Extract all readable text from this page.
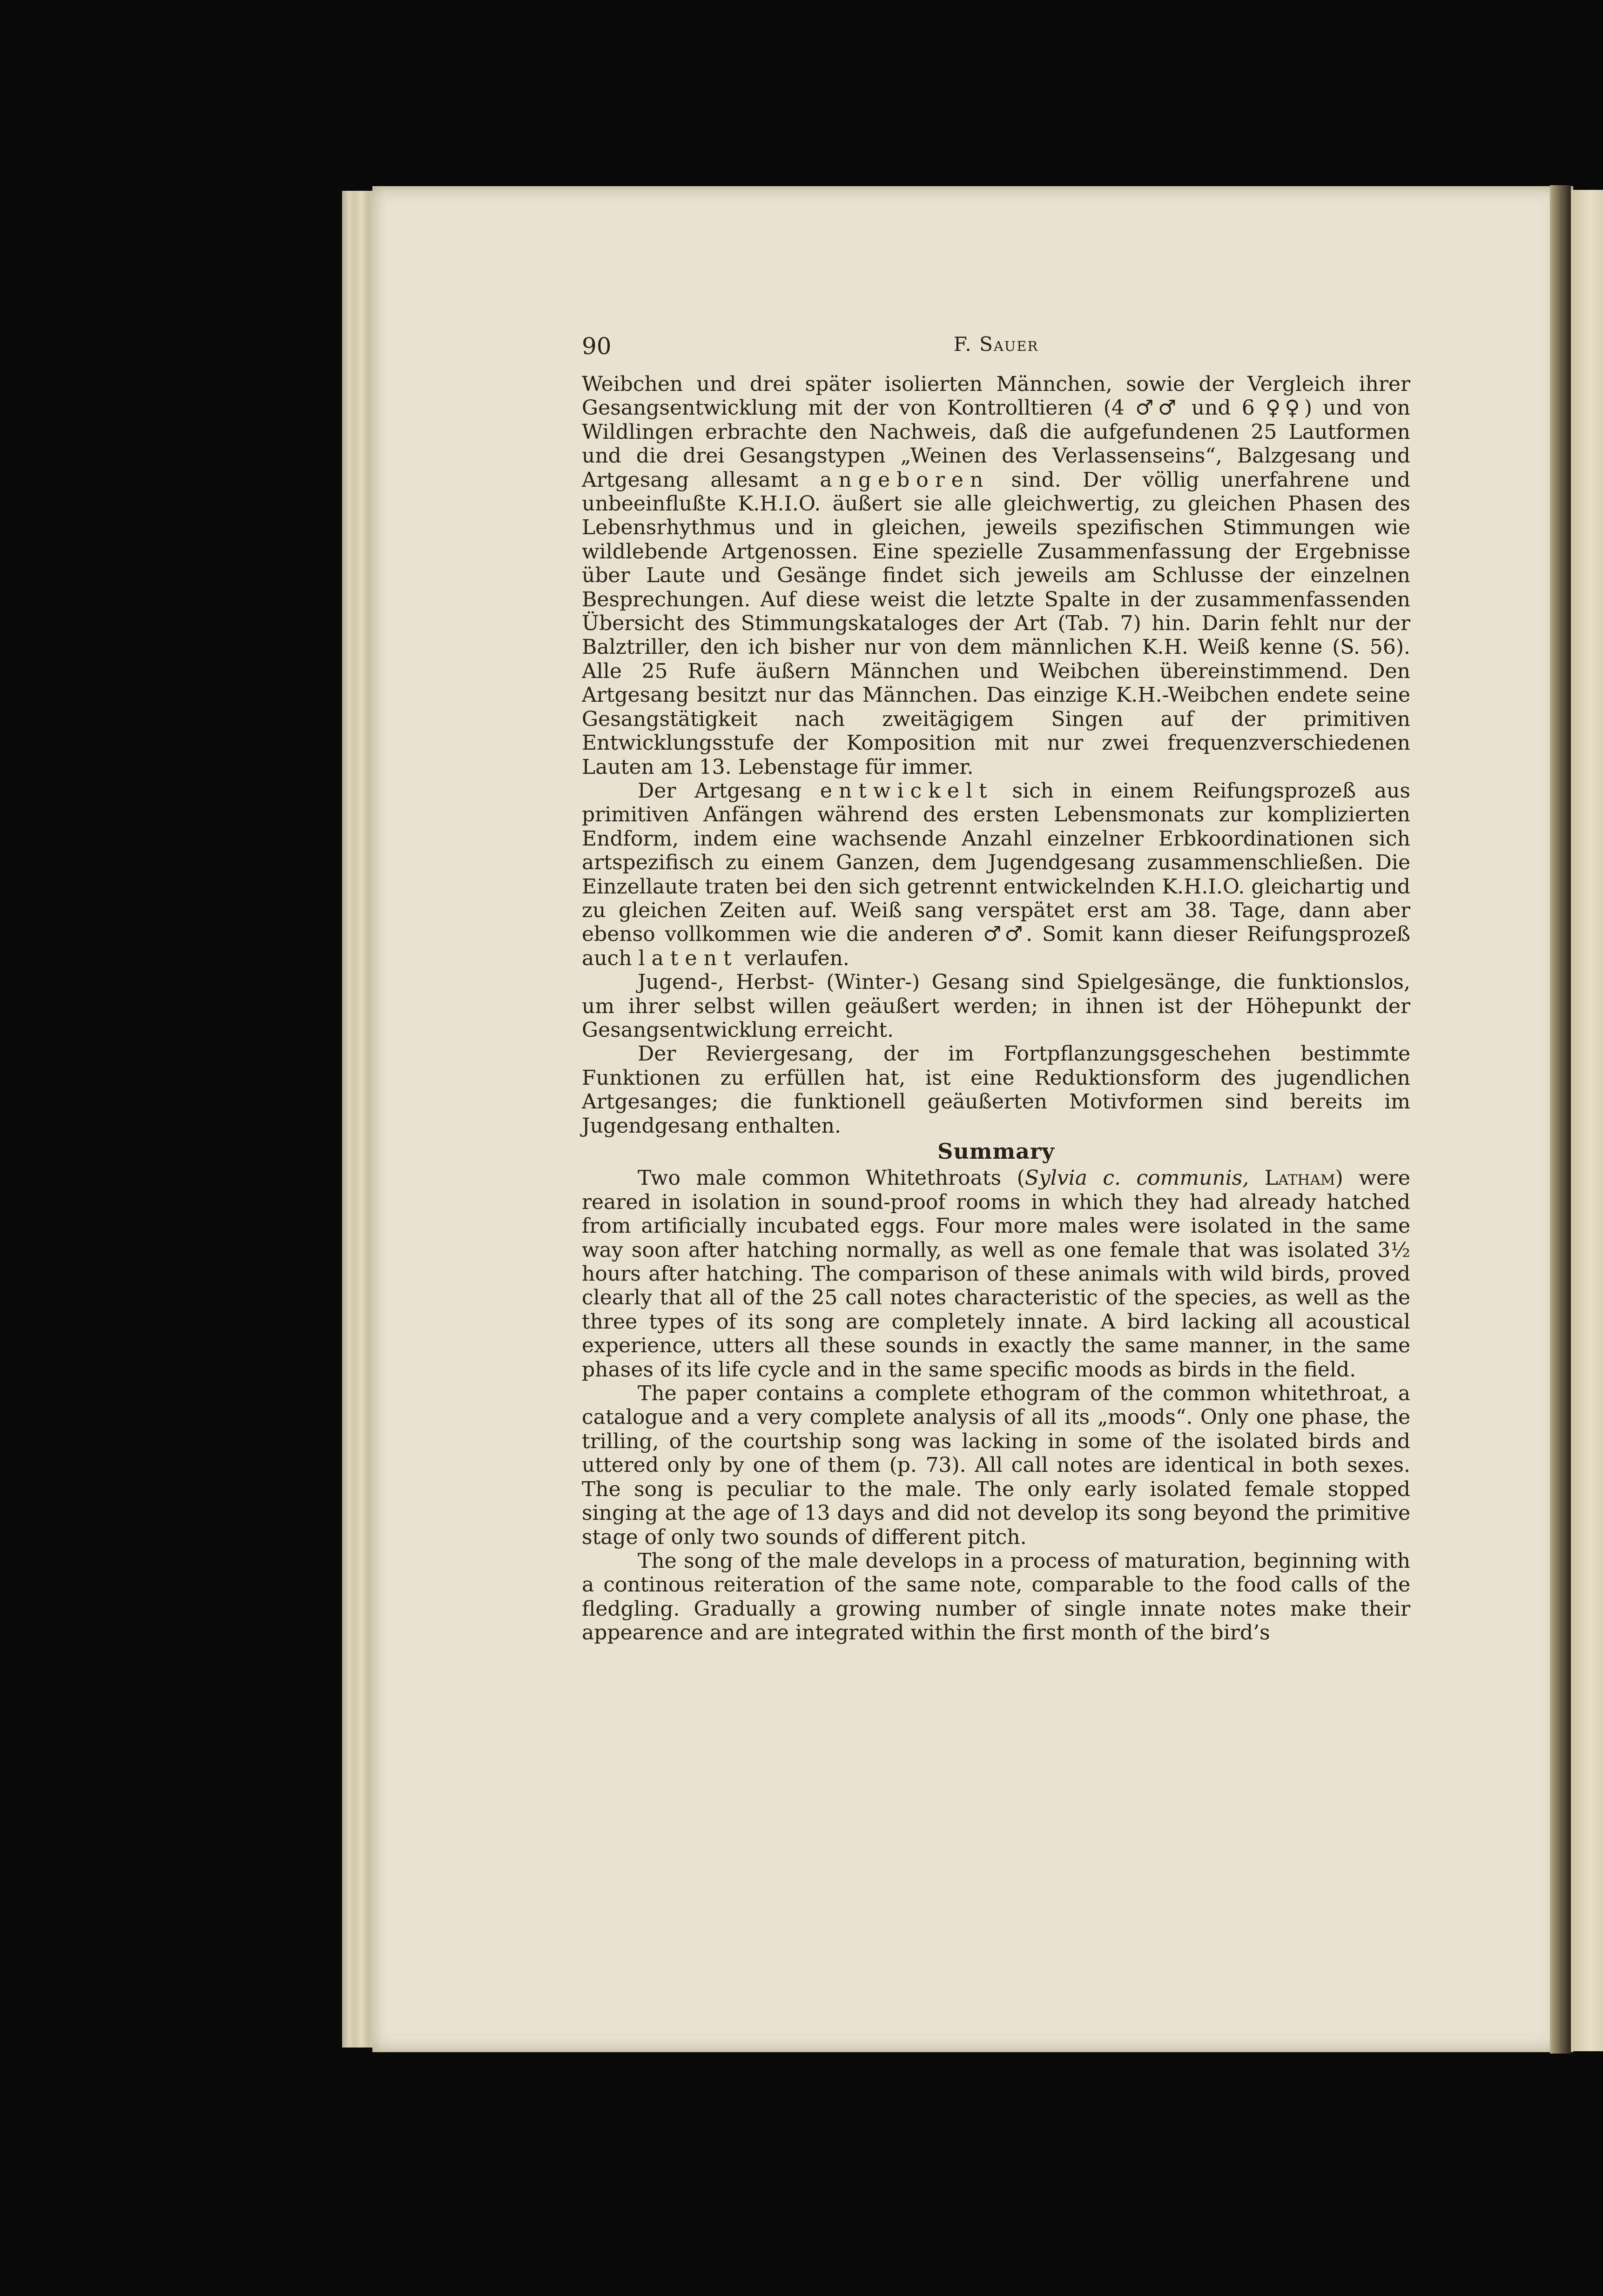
90	F. Sauer

Weibchen und drei später isolierten Männchen, sowie der Vergleich ihrer Gesangsentwicklung mit der von Kontrolltieren (4 ♂♂ und 6 ♀♀) und von Wildlingen erbrachte den Nachweis, daß die aufgefundenen 25 Lautformen und die drei Gesangstypen „Weinen des Verlassenseins“, Balzgesang und Artgesang allesamt angeboren sind. Der völlig unerfahrene und unbeeinflußte K.H.I.O. äußert sie alle gleichwertig, zu gleichen Phasen des Lebensrhythmus und in gleichen, jeweils spezifischen Stimmungen wie wildlebende Artgenossen. Eine spezielle Zusammenfassung der Ergebnisse über Laute und Gesänge findet sich jeweils am Schlusse der einzelnen Besprechungen. Auf diese weist die letzte Spalte in der zusammenfassenden Übersicht des Stimmungskataloges der Art (Tab. 7) hin. Darin fehlt nur der Balztriller, den ich bisher nur von dem männlichen K.H. Weiß kenne (S. 56). Alle 25 Rufe äußern Männchen und Weibchen übereinstimmend. Den Artgesang besitzt nur das Männchen. Das einzige K.H.-Weibchen endete seine Gesangstätigkeit nach zweitägigem Singen auf der primitiven Entwicklungsstufe der Komposition mit nur zwei frequenzverschiedenen Lauten am 13. Lebenstage für immer.

Der Artgesang entwickelt sich in einem Reifungsprozeß aus primitiven Anfängen während des ersten Lebensmonats zur komplizierten Endform, indem eine wachsende Anzahl einzelner Erbkoordinationen sich artspezifisch zu einem Ganzen, dem Jugendgesang zusammenschließen. Die Einzellaute traten bei den sich getrennt entwickelnden K.H.I.O. gleichartig und zu gleichen Zeiten auf. Weiß sang verspätet erst am 38. Tage, dann aber ebenso vollkommen wie die anderen ♂♂. Somit kann dieser Reifungsprozeß auch latent verlaufen.

Jugend-, Herbst- (Winter-) Gesang sind Spielgesänge, die funktionslos, um ihrer selbst willen geäußert werden; in ihnen ist der Höhepunkt der Gesangsentwicklung erreicht.

Der Reviergesang, der im Fortpflanzungsgeschehen bestimmte Funktionen zu erfüllen hat, ist eine Reduktionsform des jugendlichen Artgesanges; die funktionell geäußerten Motivformen sind bereits im Jugendgesang enthalten.

Summary

Two male common Whitethroats (Sylvia c. communis, Latham) were reared in isolation in sound-proof rooms in which they had already hatched from artificially incubated eggs. Four more males were isolated in the same way soon after hatching normally, as well as one female that was isolated 3½ hours after hatching. The comparison of these animals with wild birds, proved clearly that all of the 25 call notes characteristic of the species, as well as the three types of its song are completely innate. A bird lacking all acoustical experience, utters all these sounds in exactly the same manner, in the same phases of its life cycle and in the same specific moods as birds in the field.

The paper contains a complete ethogram of the common whitethroat, a catalogue and a very complete analysis of all its „moods“. Only one phase, the trilling, of the courtship song was lacking in some of the isolated birds and uttered only by one of them (p. 73). All call notes are identical in both sexes. The song is peculiar to the male. The only early isolated female stopped singing at the age of 13 days and did not develop its song beyond the primitive stage of only two sounds of different pitch.

The song of the male develops in a process of maturation, beginning with a continous reiteration of the same note, comparable to the food calls of the fledgling. Gradually a growing number of single innate notes make their appearence and are integrated within the first month of the bird’s
